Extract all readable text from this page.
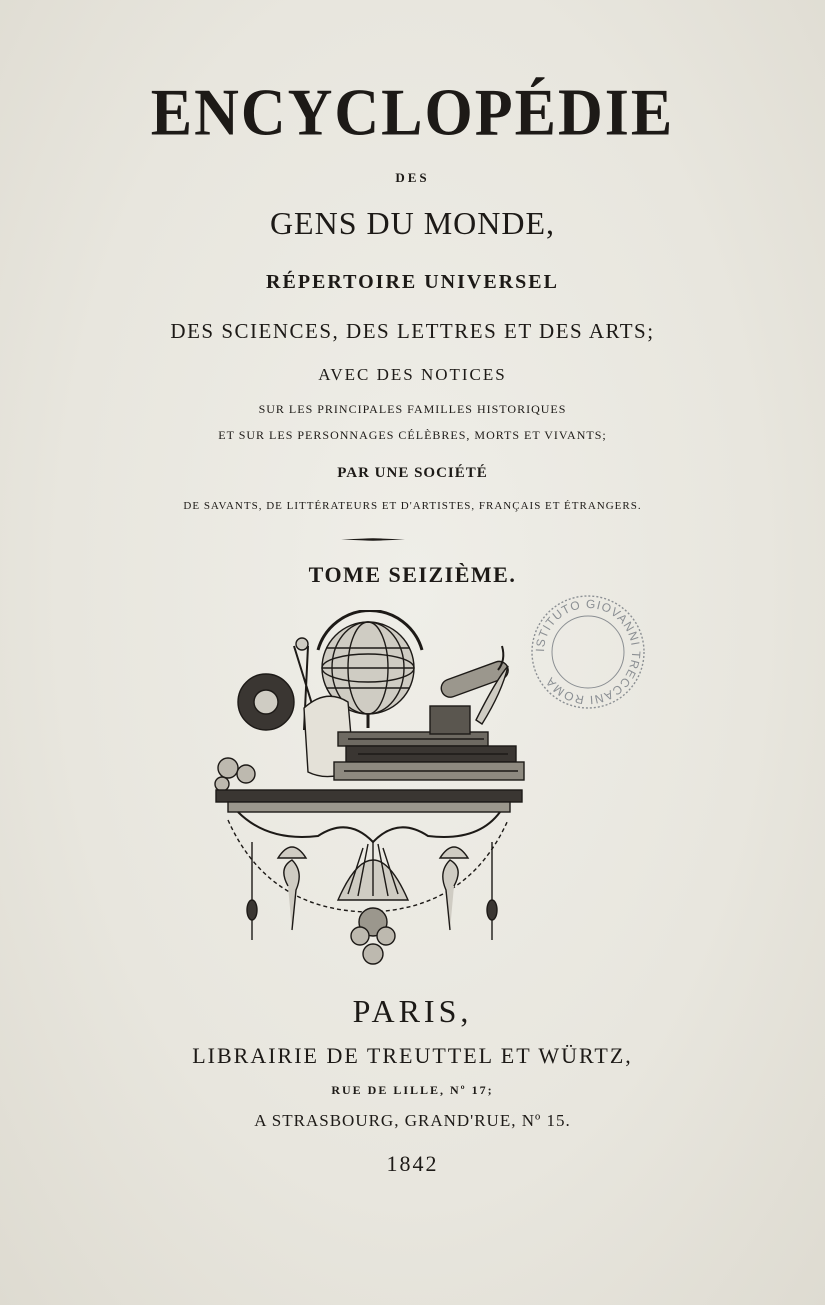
ENCYCLOPÉDIE
DES
GENS DU MONDE,
RÉPERTOIRE UNIVERSEL
DES SCIENCES, DES LETTRES ET DES ARTS;
AVEC DES NOTICES
SUR LES PRINCIPALES FAMILLES HISTORIQUES
ET SUR LES PERSONNAGES CÉLÈBRES, MORTS ET VIVANTS;
PAR UNE SOCIÉTÉ
DE SAVANTS, DE LITTÉRATEURS ET D'ARTISTES, FRANÇAIS ET ÉTRANGERS.
TOME SEIZIÈME.
ISTITUTO GIOVANNI TRECCANI ROMA
PARIS,
LIBRAIRIE DE TREUTTEL ET WÜRTZ,
RUE DE LILLE, Nº 17;
A STRASBOURG, GRAND'RUE, Nº 15.
1842
